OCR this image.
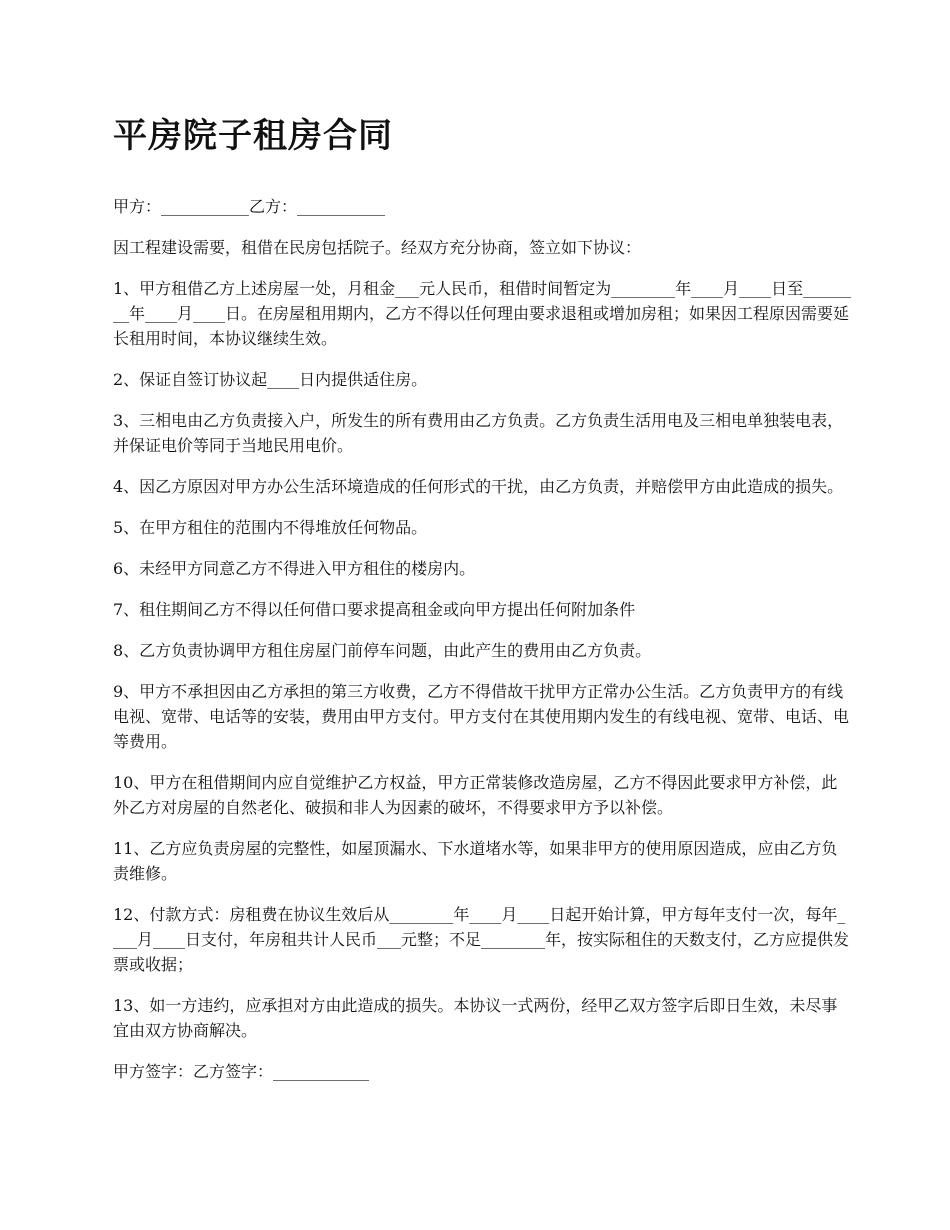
平房院子租房合同

甲方：___________乙方：___________

因工程建设需要，租借在民房包括院子。经双方充分协商，签立如下协议：

1、甲方租借乙方上述房屋一处，月租金___元人民币，租借时间暂定为________年____月____日至________年____月____日。在房屋租用期内，乙方不得以任何理由要求退租或增加房租；如果因工程原因需要延长租用时间，本协议继续生效。

2、保证自签订协议起____日内提供适住房。

3、三相电由乙方负责接入户，所发生的所有费用由乙方负责。乙方负责生活用电及三相电单独装电表，并保证电价等同于当地民用电价。

4、因乙方原因对甲方办公生活环境造成的任何形式的干扰，由乙方负责，并赔偿甲方由此造成的损失。

5、在甲方租住的范围内不得堆放任何物品。

6、未经甲方同意乙方不得进入甲方租住的楼房内。

7、租住期间乙方不得以任何借口要求提高租金或向甲方提出任何附加条件

8、乙方负责协调甲方租住房屋门前停车问题，由此产生的费用由乙方负责。

9、甲方不承担因由乙方承担的第三方收费，乙方不得借故干扰甲方正常办公生活。乙方负责甲方的有线电视、宽带、电话等的安装，费用由甲方支付。甲方支付在其使用期内发生的有线电视、宽带、电话、电等费用。

10、甲方在租借期间内应自觉维护乙方权益，甲方正常装修改造房屋，乙方不得因此要求甲方补偿，此外乙方对房屋的自然老化、破损和非人为因素的破坏，不得要求甲方予以补偿。

11、乙方应负责房屋的完整性，如屋顶漏水、下水道堵水等，如果非甲方的使用原因造成，应由乙方负责维修。

12、付款方式：房租费在协议生效后从________年____月____日起开始计算，甲方每年支付一次，每年____月____日支付，年房租共计人民币___元整；不足________年，按实际租住的天数支付，乙方应提供发票或收据；

13、如一方违约，应承担对方由此造成的损失。本协议一式两份，经甲乙双方签字后即日生效，未尽事宜由双方协商解决。

甲方签字：乙方签字：____________
